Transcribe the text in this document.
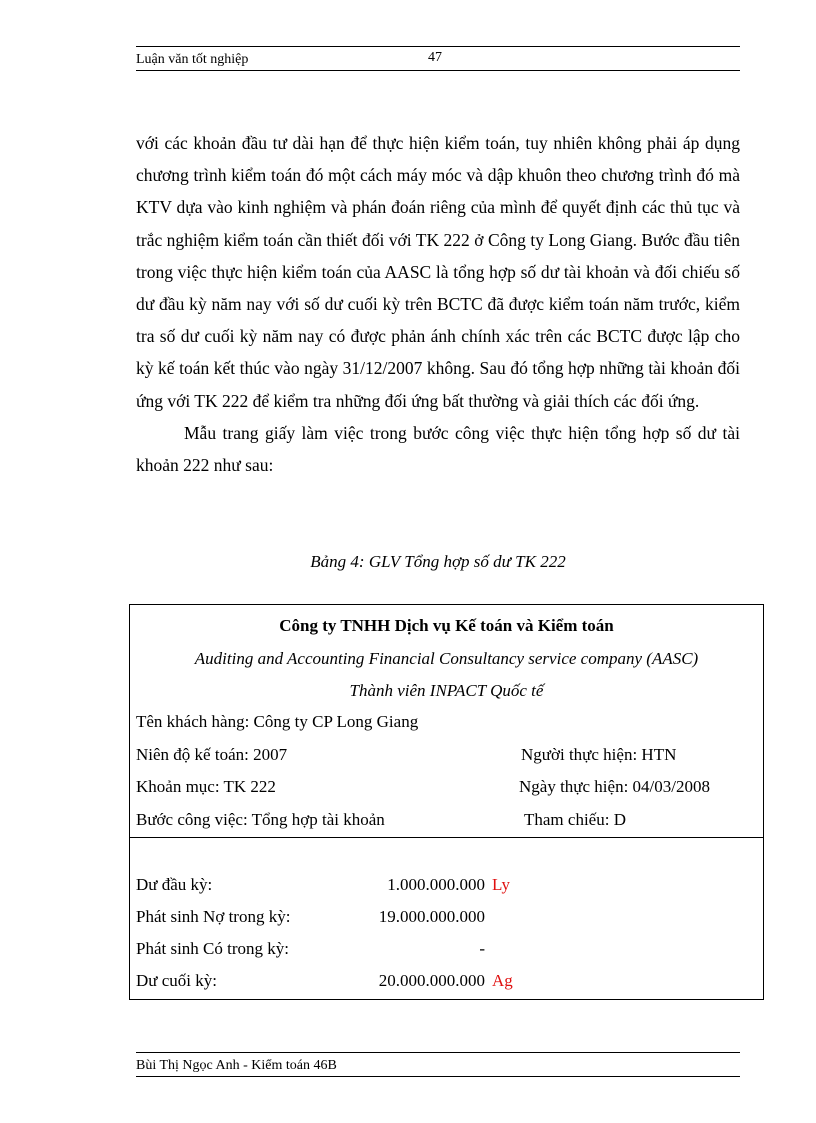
Luận văn tốt nghiệp	47

với các khoản đầu tư dài hạn để thực hiện kiểm toán, tuy nhiên không phải áp dụng chương trình kiểm toán đó một cách máy móc và dập khuôn theo chương trình đó mà KTV dựa vào kinh nghiệm và phán đoán riêng của mình để quyết định các thủ tục và trắc nghiệm kiểm toán cần thiết đối với TK 222 ở Công ty Long Giang. Bước đầu tiên trong việc thực hiện kiểm toán của AASC là tổng hợp số dư tài khoản và đối chiếu số dư đầu kỳ năm nay với số dư cuối kỳ trên BCTC đã được kiểm toán năm trước, kiểm tra số dư cuối kỳ năm nay có được phản ánh chính xác trên các BCTC được lập cho kỳ kế toán kết thúc vào ngày 31/12/2007 không. Sau đó tổng hợp những tài khoản đối ứng với TK 222 để kiểm tra những đối ứng bất thường và giải thích các đối ứng.

Mẫu trang giấy làm việc trong bước công việc thực hiện tổng hợp số dư tài khoản 222 như sau:

Bảng 4: GLV Tổng hợp số dư TK 222
Công ty TNHH Dịch vụ Kế toán và Kiểm toán
Auditing and Accounting Financial Consultancy service company (AASC)
Thành viên INPACT Quốc tế
Tên khách hàng: Công ty CP Long Giang
Niên độ kế toán: 2007	Người thực hiện: HTN
Khoản mục: TK 222	Ngày thực hiện: 04/03/2008
Bước công việc: Tổng hợp tài khoản	Tham chiếu: D
Dư đầu kỳ:	1.000.000.000 Ly
Phát sinh Nợ trong kỳ:	19.000.000.000
Phát sinh Có trong kỳ:	-
Dư cuối kỳ:	20.000.000.000 Ag
Bùi Thị Ngọc Anh - Kiểm toán 46B
